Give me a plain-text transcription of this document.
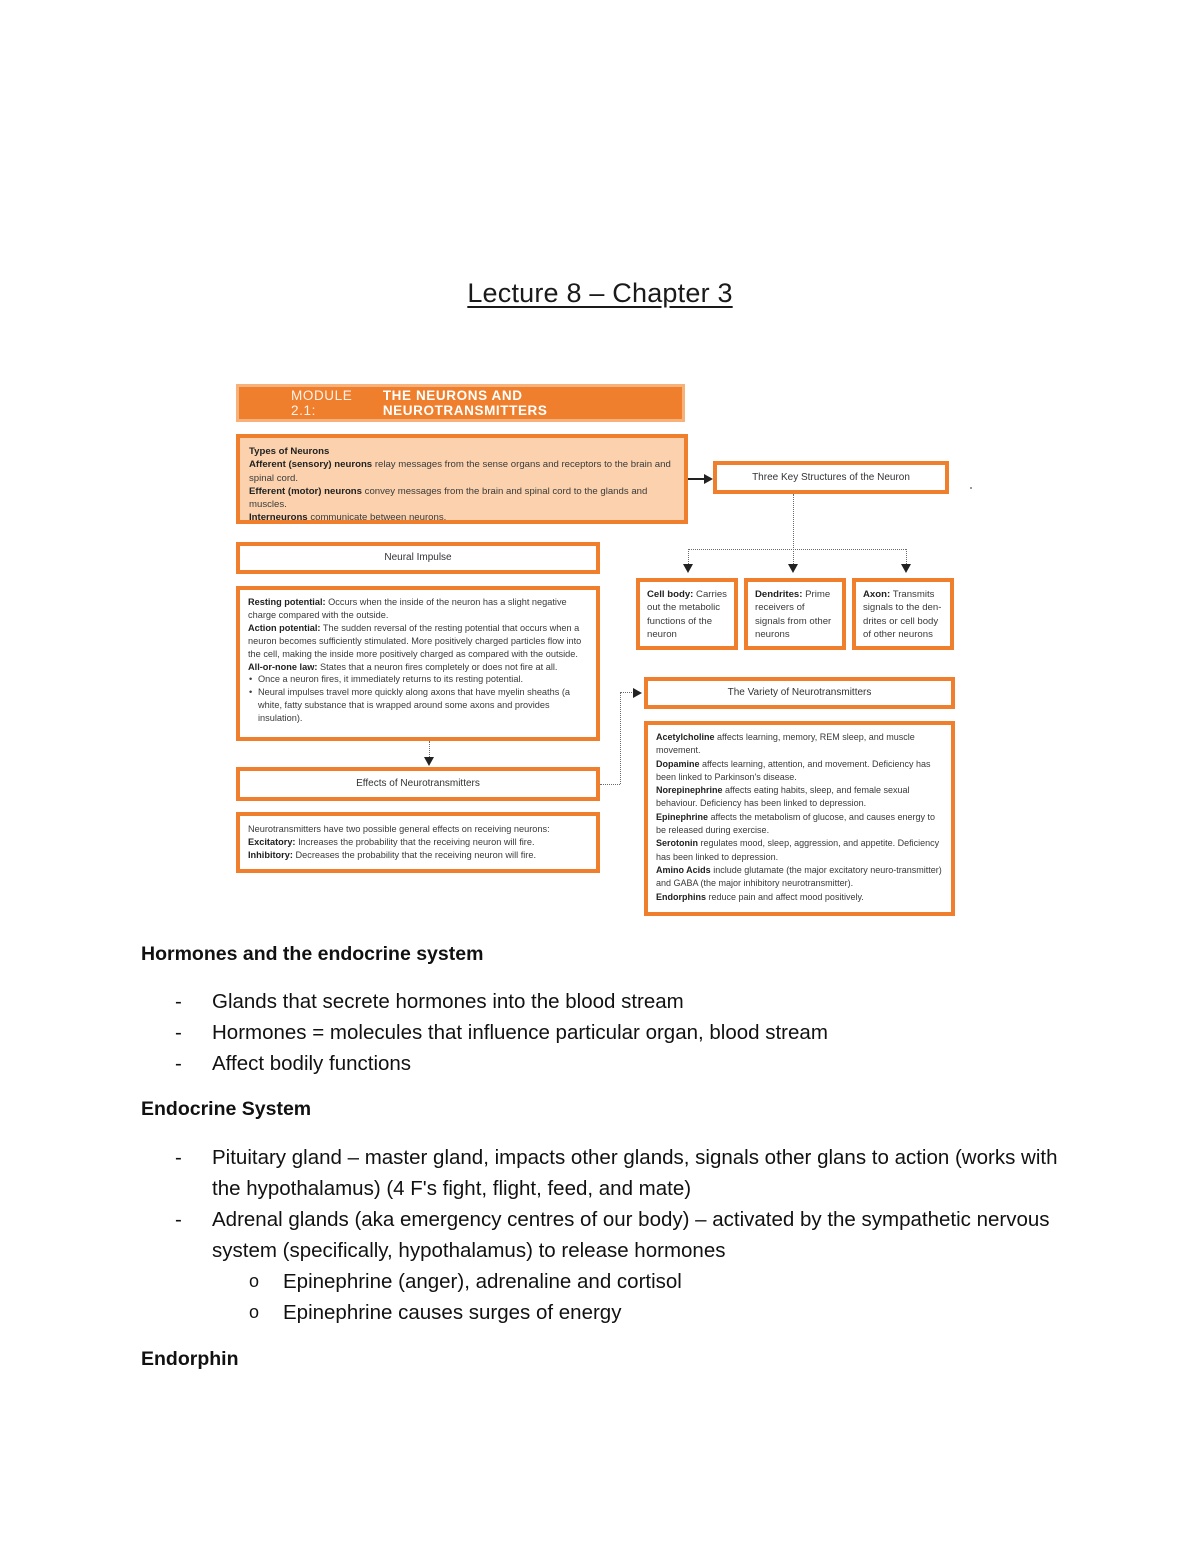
Lecture 8 – Chapter 3
MODULE 2.1:
THE NEURONS AND NEUROTRANSMITTERS
Types of Neurons

Afferent (sensory) neurons relay messages from the sense organs and receptors to the brain and spinal cord.

Efferent (motor) neurons convey messages from the brain and spinal cord to the glands and muscles.

Interneurons communicate between neurons.

Three Key Structures of the Neuron
Cell body: Carries out the metabolic functions of the neuron
Dendrites: Prime receivers of signals from other neurons
Axon: Transmits signals to the den-drites or cell body of other neurons
Neural Impulse

Resting potential: Occurs when the inside of the neuron has a slight negative charge compared with the outside.

Action potential: The sudden reversal of the resting potential that occurs when a neuron becomes sufficiently stimulated. More positively charged particles flow into the cell, making the inside more positively charged as compared with the outside.

All-or-none law: States that a neuron fires completely or does not fire at all.

• Once a neuron fires, it immediately returns to its resting potential.
• Neural impulses travel more quickly along axons that have myelin sheaths (a white, fatty substance that is wrapped around some axons and provides insulation).
Effects of Neurotransmitters

Neurotransmitters have two possible general effects on receiving neurons:

Excitatory: Increases the probability that the receiving neuron will fire.

Inhibitory: Decreases the probability that the receiving neuron will fire.

The Variety of Neurotransmitters

Acetylcholine affects learning, memory, REM sleep, and muscle movement.

Dopamine affects learning, attention, and movement. Deficiency has been linked to Parkinson's disease.

Norepinephrine affects eating habits, sleep, and female sexual behaviour. Deficiency has been linked to depression.

Epinephrine affects the metabolism of glucose, and causes energy to be released during exercise.

Serotonin regulates mood, sleep, aggression, and appetite. Deficiency has been linked to depression.

Amino Acids include glutamate (the major excitatory neuro-transmitter) and GABA (the major inhibitory neurotransmitter).

Endorphins reduce pain and affect mood positively.

Hormones and the endocrine system
- Glands that secrete hormones into the blood stream
- Hormones = molecules that influence particular organ, blood stream
- Affect bodily functions
Endocrine System
- Pituitary gland – master gland, impacts other glands, signals other glans to action (works with the hypothalamus) (4 F's fight, flight, feed, and mate)
- Adrenal glands (aka emergency centres of our body) – activated by the sympathetic nervous system (specifically, hypothalamus) to release hormones
o Epinephrine (anger), adrenaline and cortisol
o Epinephrine causes surges of energy
Endorphin
